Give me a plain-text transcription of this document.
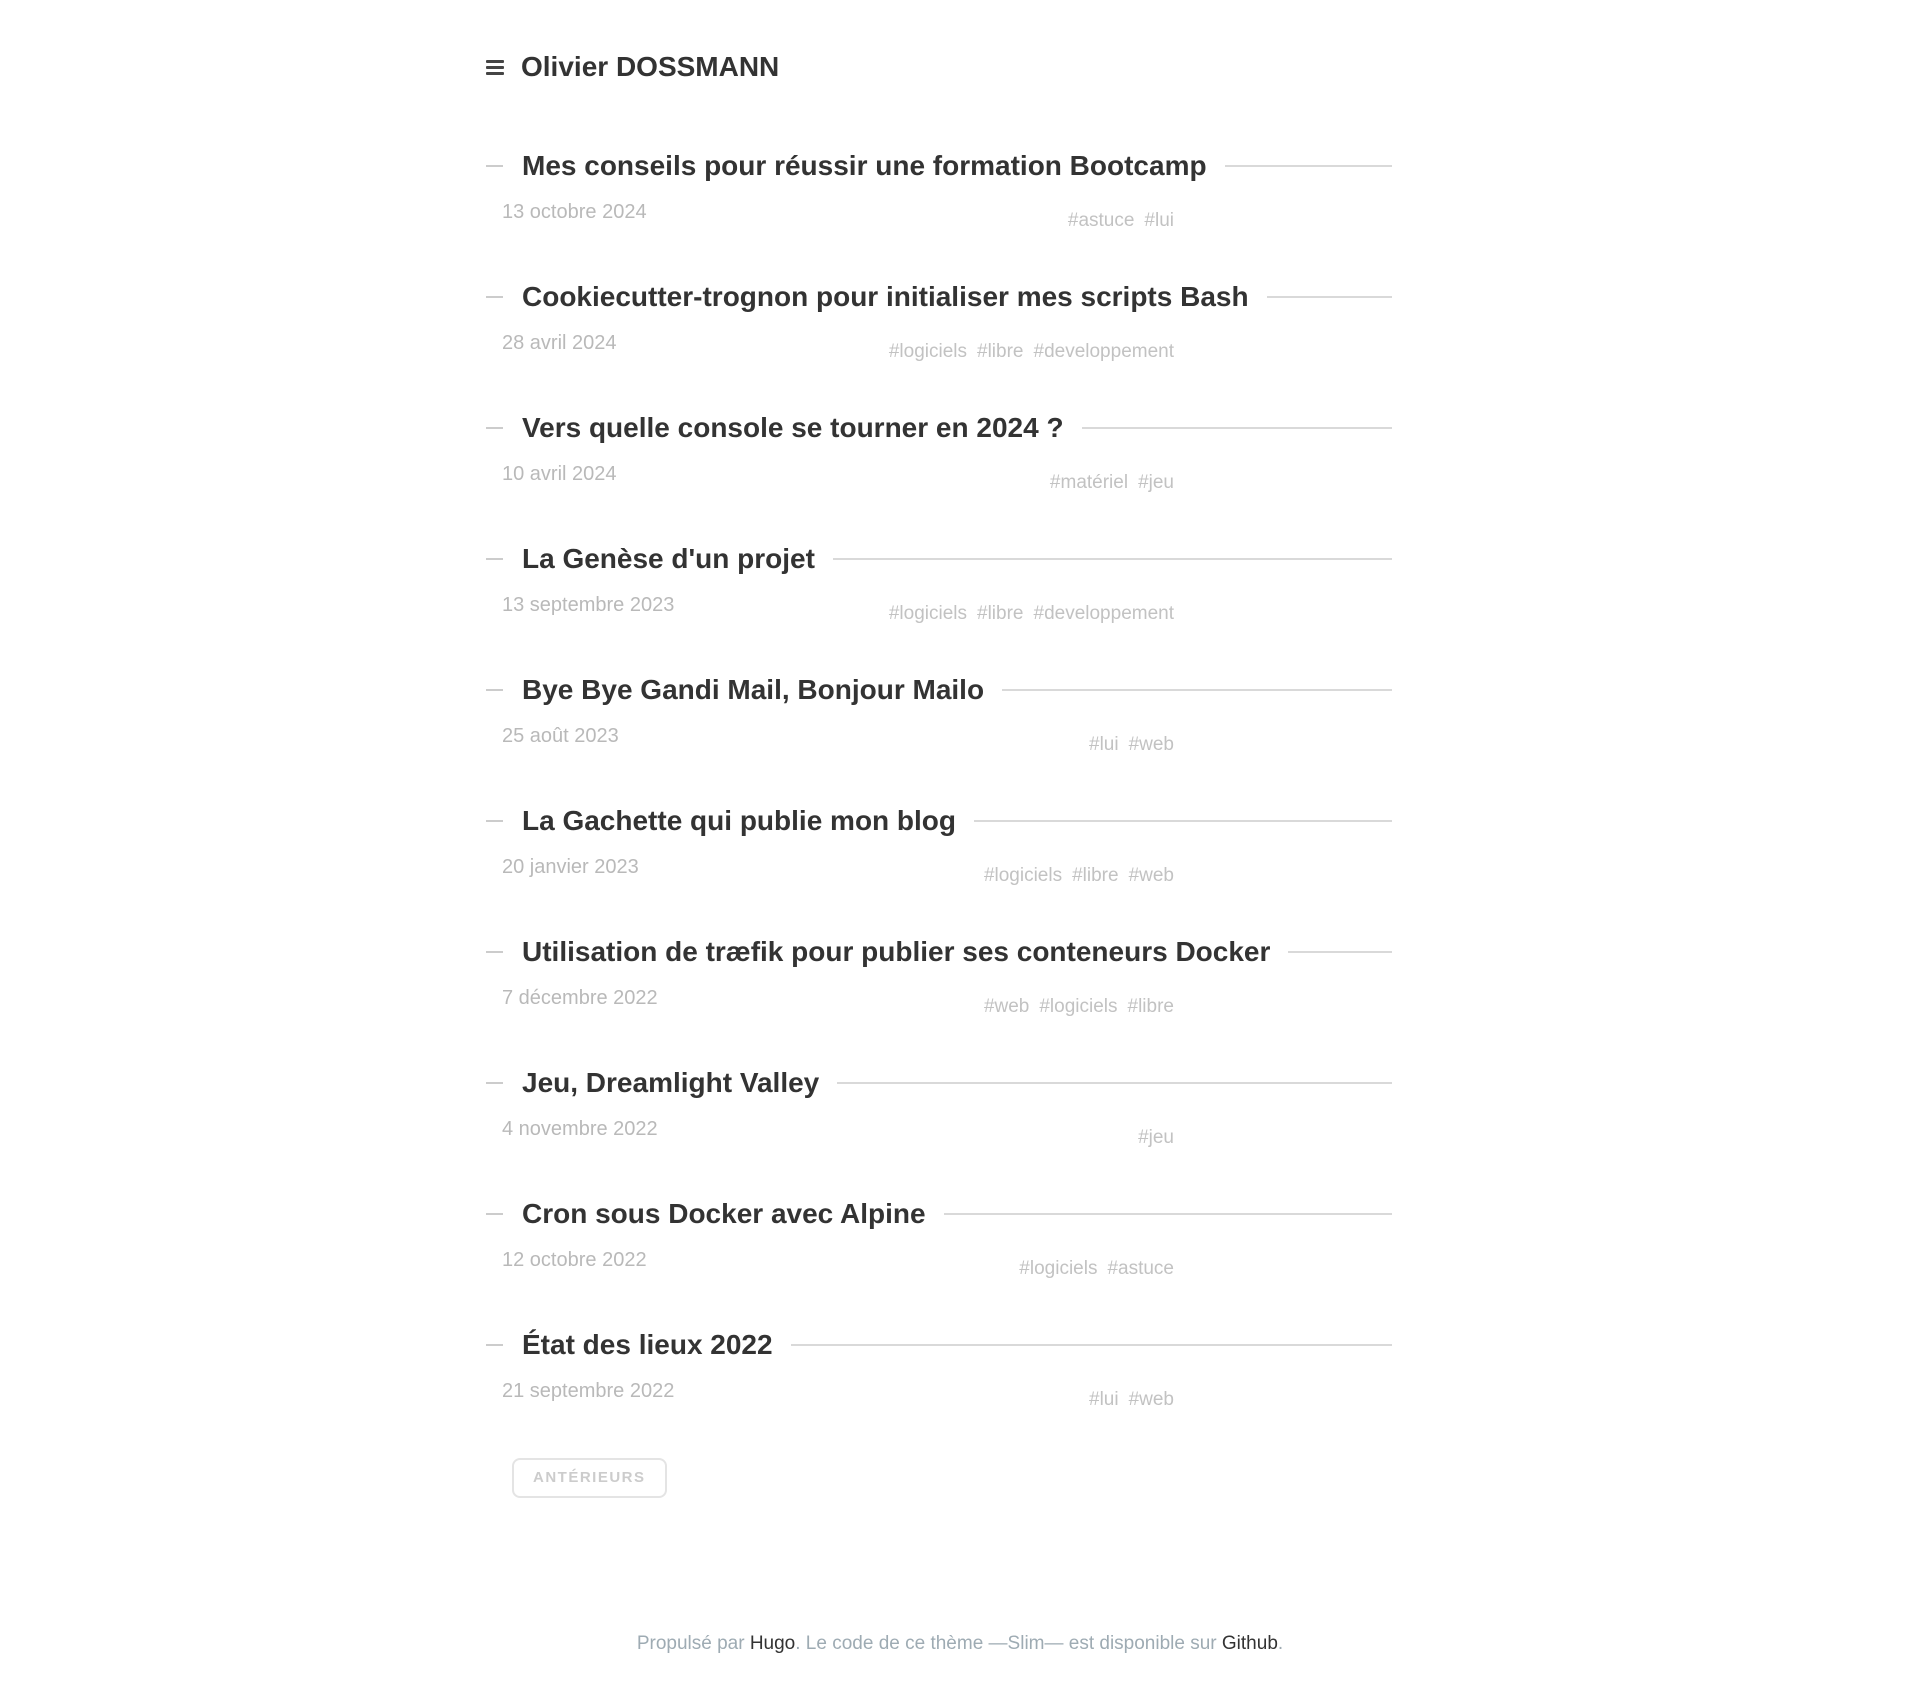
Olivier DOSSMANN
Mes conseils pour réussir une formation Bootcamp
13 octobre 2024	#astuce #lui
Cookiecutter-trognon pour initialiser mes scripts Bash
28 avril 2024	#logiciels #libre #developpement
Vers quelle console se tourner en 2024 ?
10 avril 2024	#matériel #jeu
La Genèse d'un projet
13 septembre 2023	#logiciels #libre #developpement
Bye Bye Gandi Mail, Bonjour Mailo
25 août 2023	#lui #web
La Gachette qui publie mon blog
20 janvier 2023	#logiciels #libre #web
Utilisation de træfik pour publier ses conteneurs Docker
7 décembre 2022	#web #logiciels #libre
Jeu, Dreamlight Valley
4 novembre 2022	#jeu
Cron sous Docker avec Alpine
12 octobre 2022	#logiciels #astuce
État des lieux 2022
21 septembre 2022	#lui #web
ANTÉRIEURS
Propulsé par Hugo. Le code de ce thème —Slim— est disponible sur Github.
